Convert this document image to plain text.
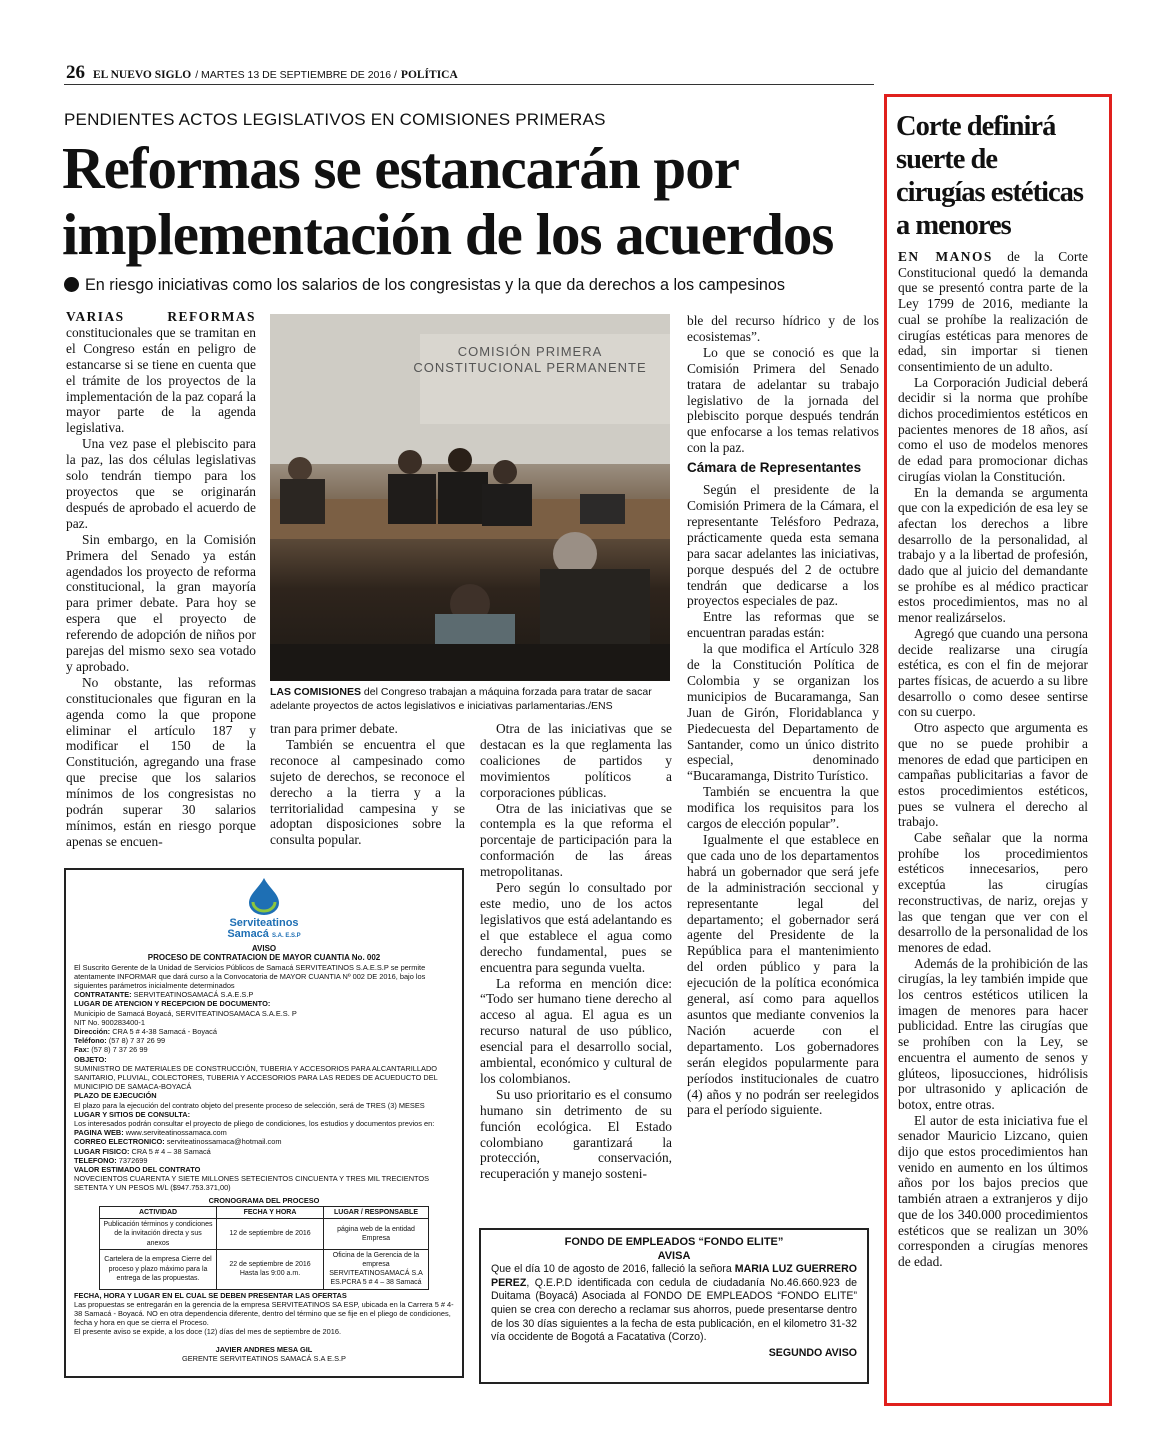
26 EL NUEVO SIGLO / MARTES 13 DE SEPTIEMBRE DE 2016 / POLÍTICA
PENDIENTES ACTOS LEGISLATIVOS EN COMISIONES PRIMERAS
Reformas se estancarán por
implementación de los acuerdos
En riesgo iniciativas como los salarios de los congresistas y la que da derechos a los campesinos

VARIAS REFORMAS constitucionales que se tramitan en el Congreso están en peligro de estancarse si se tiene en cuenta que el trámite de los proyectos de la implementación de la paz copará la mayor parte de la agenda legislativa.

Una vez pase el plebiscito para la paz, las dos células legislativas solo tendrán tiempo para los proyectos que se originarán después de aprobado el acuerdo de paz.

Sin embargo, en la Comisión Primera del Senado ya están agendados los proyecto de reforma constitucional, la gran mayoría para primer debate. Para hoy se espera que el proyecto de referendo de adopción de niños por parejas del mismo sexo sea votado y aprobado.

No obstante, las reformas constitucionales que figuran en la agenda como la que propone eliminar el artículo 187 y modificar el 150 de la Constitución, agregando una frase que precise que los salarios mínimos de los congresistas no podrán superar 30 salarios mínimos, están en riesgo porque apenas se encuen-

COMISIÓN PRIMERA
CONSTITUCIONAL PERMANENTE
LAS COMISIONES del Congreso trabajan a máquina forzada para tratar de sacar adelante proyectos de actos legislativos e iniciativas parlamentarias./ENS

tran para primer debate.

También se encuentra el que reconoce al campesinado como sujeto de derechos, se reconoce el derecho a la tierra y a la territorialidad campesina y se adoptan disposiciones sobre la consulta popular.

Otra de las iniciativas que se destacan es la que reglamenta las coaliciones de partidos y movimientos políticos a corporaciones públicas.

Otra de las iniciativas que se contempla es la que reforma el porcentaje de participación para la conformación de las áreas metropolitanas.

Pero según lo consultado por este medio, uno de los actos legislativos que está adelantando es el que establece el agua como derecho fundamental, pues se encuentra para segunda vuelta.

La reforma en mención dice: “Todo ser humano tiene derecho al acceso al agua. El agua es un recurso natural de uso público, esencial para el desarrollo social, ambiental, económico y cultural de los colombianos.

Su uso prioritario es el consumo humano sin detrimento de su función ecológica. El Estado colombiano garantizará la protección, conservación, recuperación y manejo sosteni-

ble del recurso hídrico y de los ecosistemas”.

Lo que se conoció es que la Comisión Primera del Senado tratara de adelantar su trabajo legislativo de la jornada del plebiscito porque después tendrán que enfocarse a los temas relativos con la paz.

Cámara de Representantes

Según el presidente de la Comisión Primera de la Cámara, el representante Telésforo Pedraza, prácticamente queda esta semana para sacar adelantes las iniciativas, porque después del 2 de octubre tendrán que dedicarse a los proyectos especiales de paz.

Entre las reformas que se encuentran paradas están:

la que modifica el Artículo 328 de la Constitución Política de Colombia y se organizan los municipios de Bucaramanga, San Juan de Girón, Floridablanca y Piedecuesta del Departamento de Santander, como un único distrito especial, denominado “Bucaramanga, Distrito Turístico.

También se encuentra la que modifica los requisitos para los cargos de elección popular”.

Igualmente el que establece en que cada uno de los departamentos habrá un gobernador que será jefe de la administración seccional y representante legal del departamento; el gobernador será agente del Presidente de la República para el mantenimiento del orden público y para la ejecución de la política económica general, así como para aquellos asuntos que mediante convenios la Nación acuerde con el departamento. Los gobernadores serán elegidos popularmente para períodos institucionales de cuatro (4) años y no podrán ser reelegidos para el período siguiente.

Corte definirá
suerte de
cirugías estéticas
a menores

EN MANOS de la Corte Constitucional quedó la demanda que se presentó contra parte de la Ley 1799 de 2016, mediante la cual se prohíbe la realización de cirugías estéticas para menores de edad, sin importar si tienen consentimiento de un adulto.

La Corporación Judicial deberá decidir si la norma que prohíbe dichos procedimientos estéticos en pacientes menores de 18 años, así como el uso de modelos menores de edad para promocionar dichas cirugías violan la Constitución.

En la demanda se argumenta que con la expedición de esa ley se afectan los derechos a libre desarrollo de la personalidad, al trabajo y a la libertad de profesión, dado que al juicio del demandante se prohíbe es al médico practicar estos procedimientos, mas no al menor realizárselos.

Agregó que cuando una persona decide realizarse una cirugía estética, es con el fin de mejorar partes físicas, de acuerdo a su libre desarrollo o como desee sentirse con su cuerpo.

Otro aspecto que argumenta es que no se puede prohibir a menores de edad que participen en campañas publicitarias a favor de estos procedimientos estéticos, pues se vulnera el derecho al trabajo.

Cabe señalar que la norma prohíbe los procedimientos estéticos innecesarios, pero exceptúa las cirugías reconstructivas, de nariz, orejas y las que tengan que ver con el desarrollo de la personalidad de los menores de edad.

Además de la prohibición de las cirugías, la ley también impide que los centros estéticos utilicen la imagen de menores para hacer publicidad. Entre las cirugías que se prohíben con la Ley, se encuentra el aumento de senos y glúteos, liposucciones, hidrólisis por ultrasonido y aplicación de botox, entre otras.

El autor de esta iniciativa fue el senador Mauricio Lizcano, quien dijo que estos procedimientos han venido en aumento en los últimos años por los bajos precios que también atraen a extranjeros y dijo que de los 340.000 procedimientos estéticos que se realizan un 30% corresponden a cirugías menores de edad.

Serviteatinos
Samacá S.A. E.S.P
AVISO
PROCESO DE CONTRATACION DE MAYOR CUANTIA No. 002
El Suscrito Gerente de la Unidad de Servicios Públicos de Samacá SERVITEATINOS S.A.E.S.P se permite atentamente INFORMAR que dará curso a la Convocatoria de MAYOR CUANTIA Nº 002 DE 2016, bajo los siguientes parámetros inicialmente determinados
CONTRATANTE: SERVITEATINOSAMACÁ S.A.E.S.P
LUGAR DE ATENCION Y RECEPCION DE DOCUMENTO:
Municipio de Samacá Boyacá, SERVITEATINOSAMACA S.A.E.S. P
NIT No. 900283400-1
Dirección: CRA 5 # 4-38 Samacá - Boyacá
Teléfono: (57 8) 7 37 26 99
Fax: (57 8) 7 37 26 99
OBJETO:
SUMINISTRO DE MATERIALES DE CONSTRUCCIÓN, TUBERIA Y ACCESORIOS PARA ALCANTARILLADO SANITARIO, PLUVIAL, COLECTORES, TUBERIA Y ACCESORIOS PARA LAS REDES DE ACUEDUCTO DEL MUNICIPIO DE SAMACA-BOYACÁ
PLAZO DE EJECUCIÓN
El plazo para la ejecución del contrato objeto del presente proceso de selección, será de TRES (3) MESES
LUGAR Y SITIOS DE CONSULTA:
Los interesados podrán consultar el proyecto de pliego de condiciones, los estudios y documentos previos en:
PAGINA WEB: www.serviteatinossamaca.com
CORREO ELECTRONICO: serviteatinossamaca@hotmail.com
LUGAR FISICO: CRA 5 # 4 – 38 Samacá
TELEFONO: 7372699
VALOR ESTIMADO DEL CONTRATO
NOVECIENTOS CUARENTA Y SIETE MILLONES SETECIENTOS CINCUENTA Y TRES MIL TRECIENTOS SETENTA Y UN PESOS M/L ($947.753.371,00)
CRONOGRAMA DEL PROCESO
ACTIVIDAD	FECHA Y HORA	LUGAR / RESPONSABLE
Publicación términos y condiciones de la invitación directa y sus anexos	12 de septiembre de 2016	página web de la entidad Empresa
Cartelera de la empresa Cierre del proceso y plazo máximo para la entrega de las propuestas.	22 de septiembre de 2016 Hasta las 9:00 a.m.	Oficina de la Gerencia de la empresa SERVITEATINOSAMACÁ S.A ES.PCRA 5 # 4 – 38 Samacá
FECHA, HORA Y LUGAR EN EL CUAL SE DEBEN PRESENTAR LAS OFERTAS
Las propuestas se entregarán en la gerencia de la empresa SERVITEATINOS SA ESP, ubicada en la Carrera 5 # 4-38 Samacá - Boyacá. NO en otra dependencia diferente, dentro del término que se fije en el pliego de condiciones, fecha y hora en que se cierra el Proceso.
El presente aviso se expide, a los doce (12) días del mes de septiembre de 2016.
JAVIER ANDRES MESA GIL
GERENTE SERVITEATINOS SAMACÁ S.A E.S.P
FONDO DE EMPLEADOS “FONDO ELITE”
AVISA
Que el día 10 de agosto de 2016, falleció la señora MARIA LUZ GUERRERO PEREZ, Q.E.P.D identificada con cedula de ciudadanía No.46.660.923 de Duitama (Boyacá) Asociada al FONDO DE EMPLEADOS “FONDO ELITE” quien se crea con derecho a reclamar sus ahorros, puede presentarse dentro de los 30 días siguientes a la fecha de esta publicación, en el kilometro 31-32 vía occidente de Bogotá a Facatativa (Corzo).
SEGUNDO AVISO
